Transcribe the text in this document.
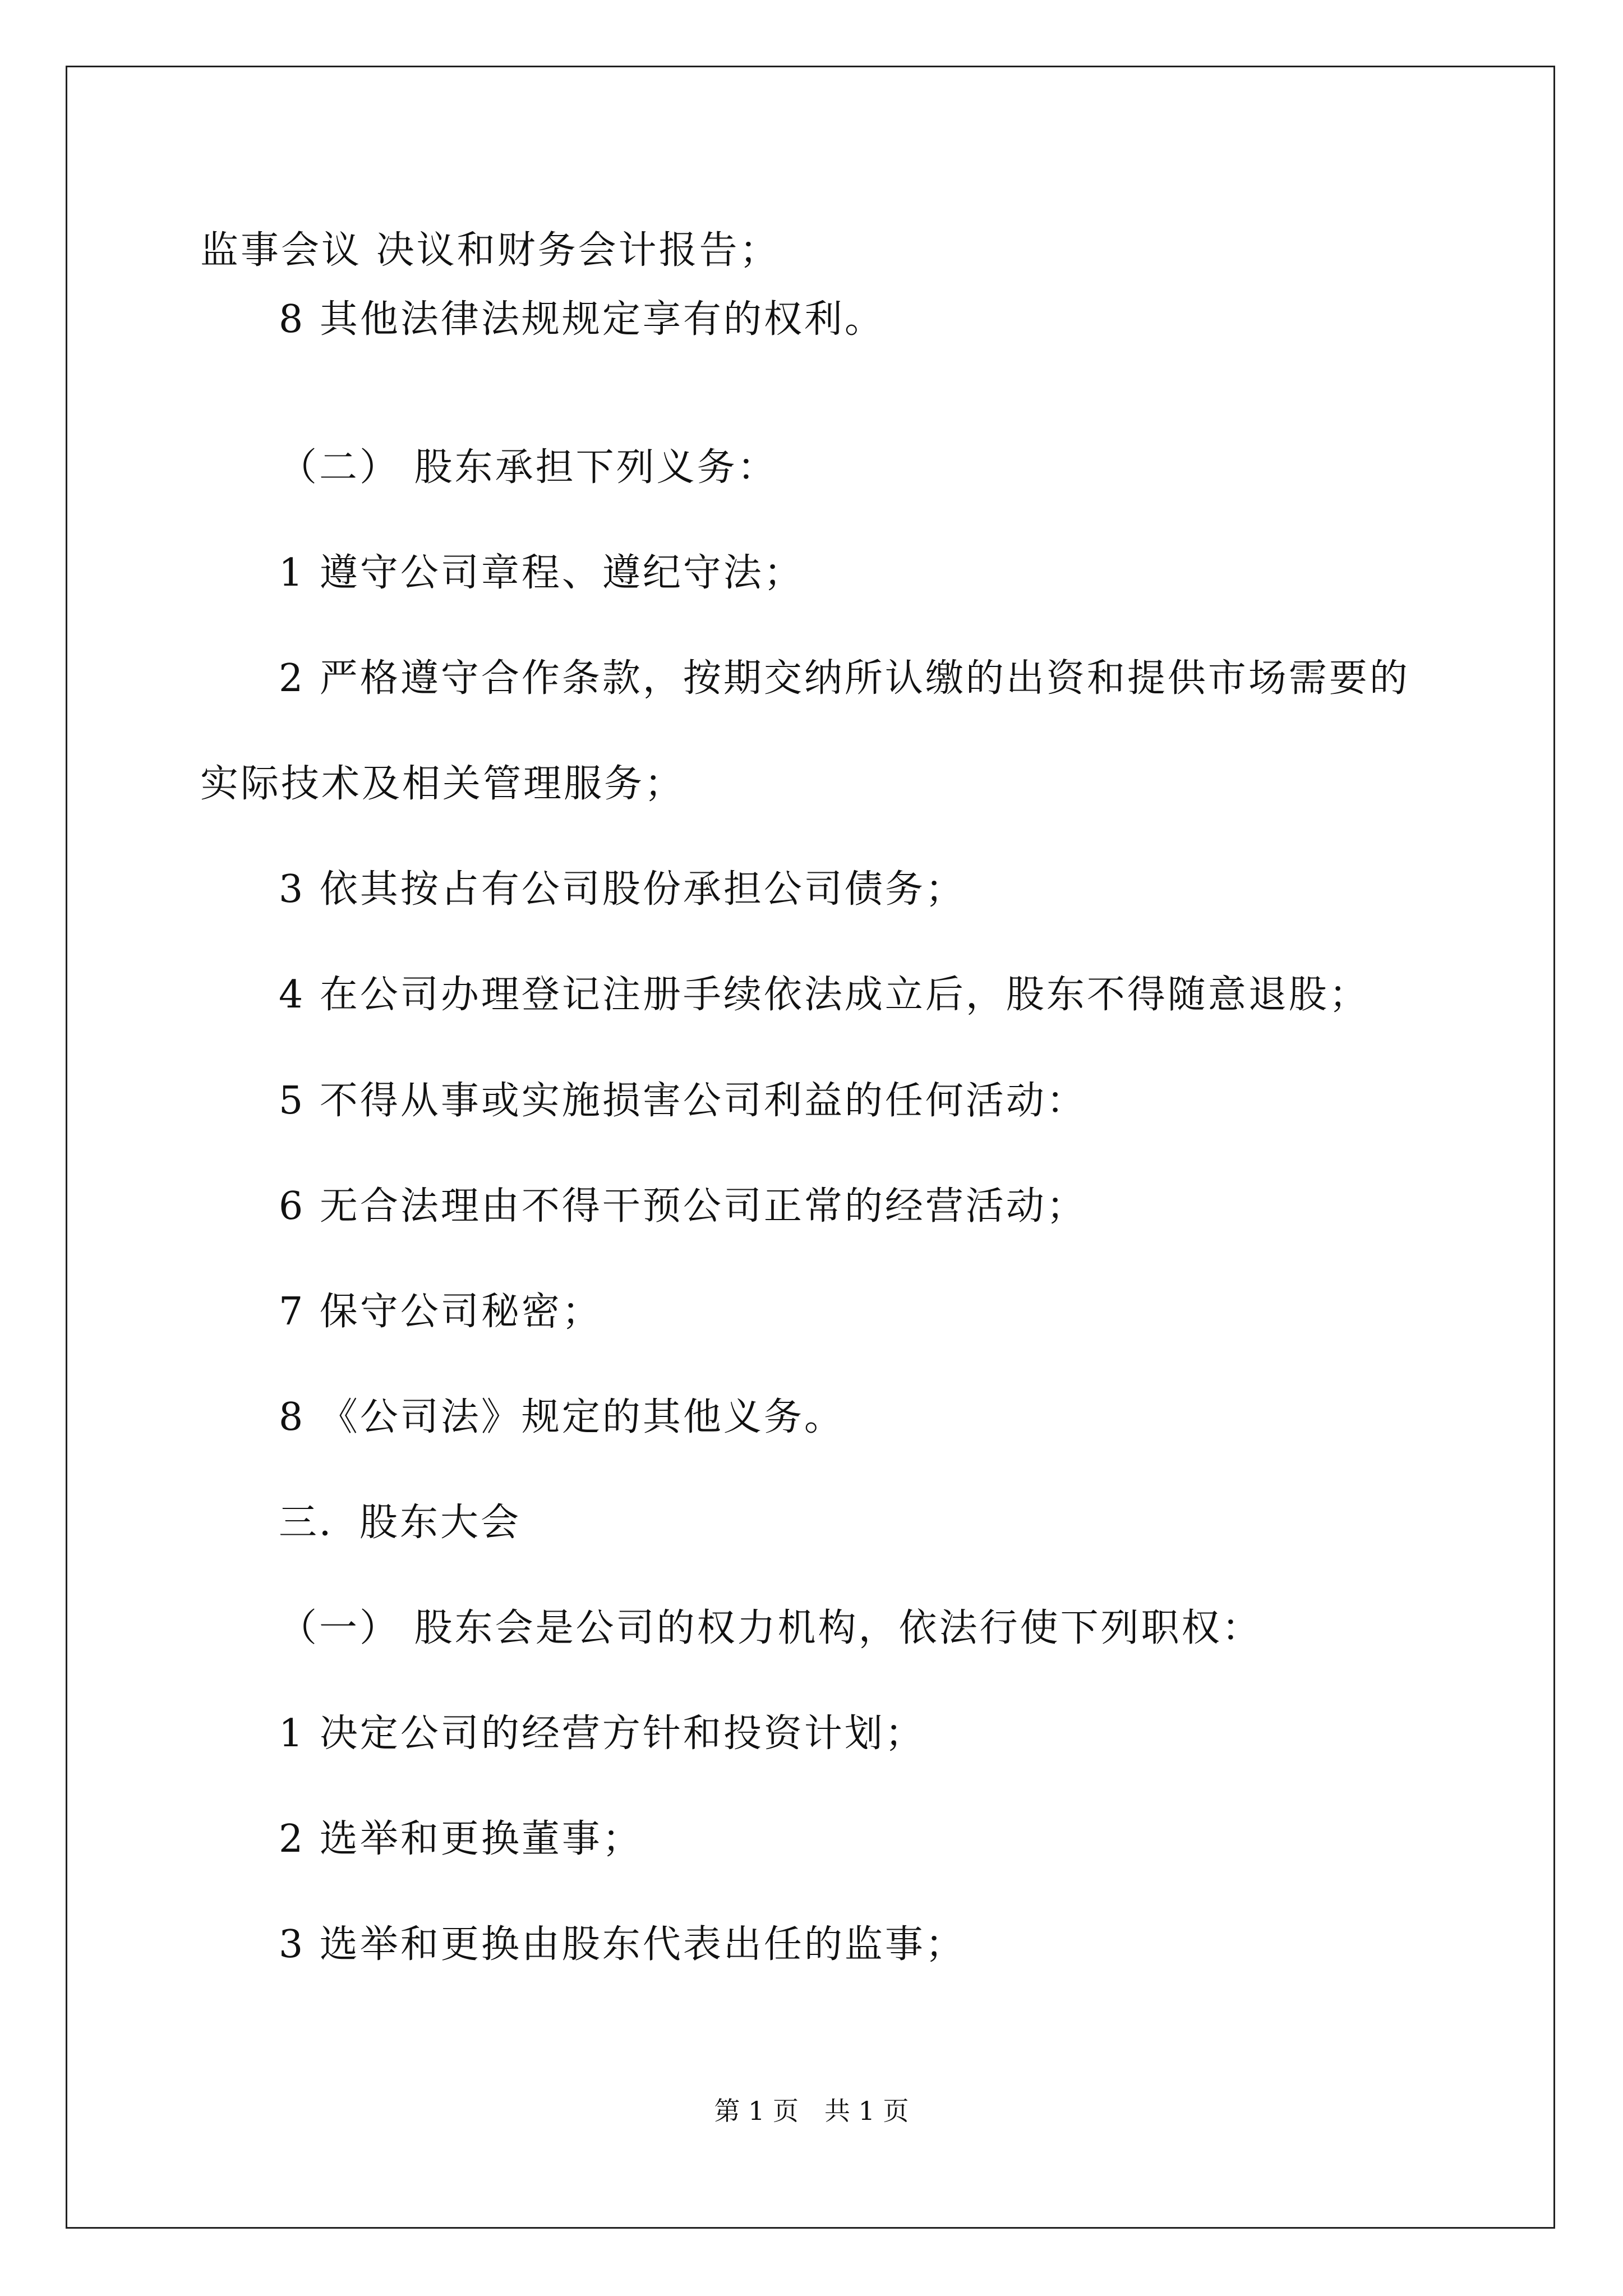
监事会议 决议和财务会计报告；
8 其他法律法规规定享有的权利。
（二） 股东承担下列义务：
1 遵守公司章程、遵纪守法；
2 严格遵守合作条款，按期交纳所认缴的出资和提供市场需要的
实际技术及相关管理服务；
3 依其按占有公司股份承担公司债务；
4 在公司办理登记注册手续依法成立后，股东不得随意退股；
5 不得从事或实施损害公司利益的任何活动：
6 无合法理由不得干预公司正常的经营活动；
7 保守公司秘密；
8 《公司法》规定的其他义务。
三．股东大会
（一） 股东会是公司的权力机构，依法行使下列职权：
1 决定公司的经营方针和投资计划；
2 选举和更换董事；
3 选举和更换由股东代表出任的监事；
第 1 页　共 1 页
